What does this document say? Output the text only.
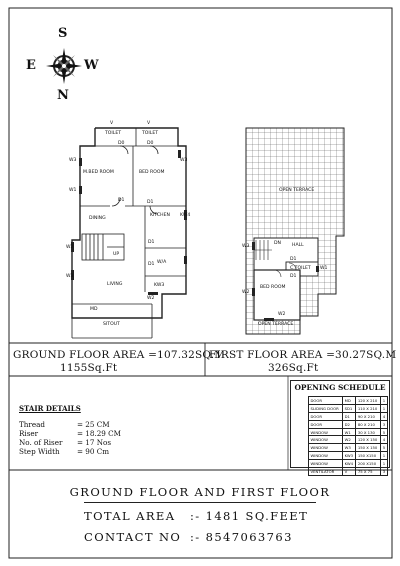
S
N
E	W
TOILET	TOILET
V	V
D0	D0
M.BED ROOM	BED ROOM
W3	W3
W1
D1	D1
DINING
KITCHEN KW4
D1
D1
UP
W/A
W2
W3
KW3
W2
LIVING
MD
SITOUT
OPEN TERRACE
HALL
DN
C.TOILET
BED ROOM
OPEN TERRACE
D1
D1
W3
W2
W1
W2
GROUND FLOOR AREA =107.32SQ.M
1155Sq.Ft
FIRST FLOOR AREA =30.27SQ.M
326Sq.Ft
STAIR DETAILS
Thread	= 25 CM
Riser	= 18.29 CM
No. of Riser = 17 Nos
Step Width = 90 Cm
OPENING SCHEDULE
DOOR	MD	120 X 210	1
SLIDING DOOR	SD1	110 X 210	1
DOOR	D1	90 X 210	4
DOOR	D2	80 X 210	3
WINDOW	W1	30 X 130	5
WINDOW	W2	120 X 150	4
WINDOW	W3	150 X 150	5
WINDOW	KW3	150 X150	1
WINDOW	KW4	200 X150	1
VENTILATOR	V	75 X 75	3
GROUND FLOOR AND FIRST FLOOR
TOTAL AREA :- 1481 SQ.FEET
CONTACT NO :- 8547063763
